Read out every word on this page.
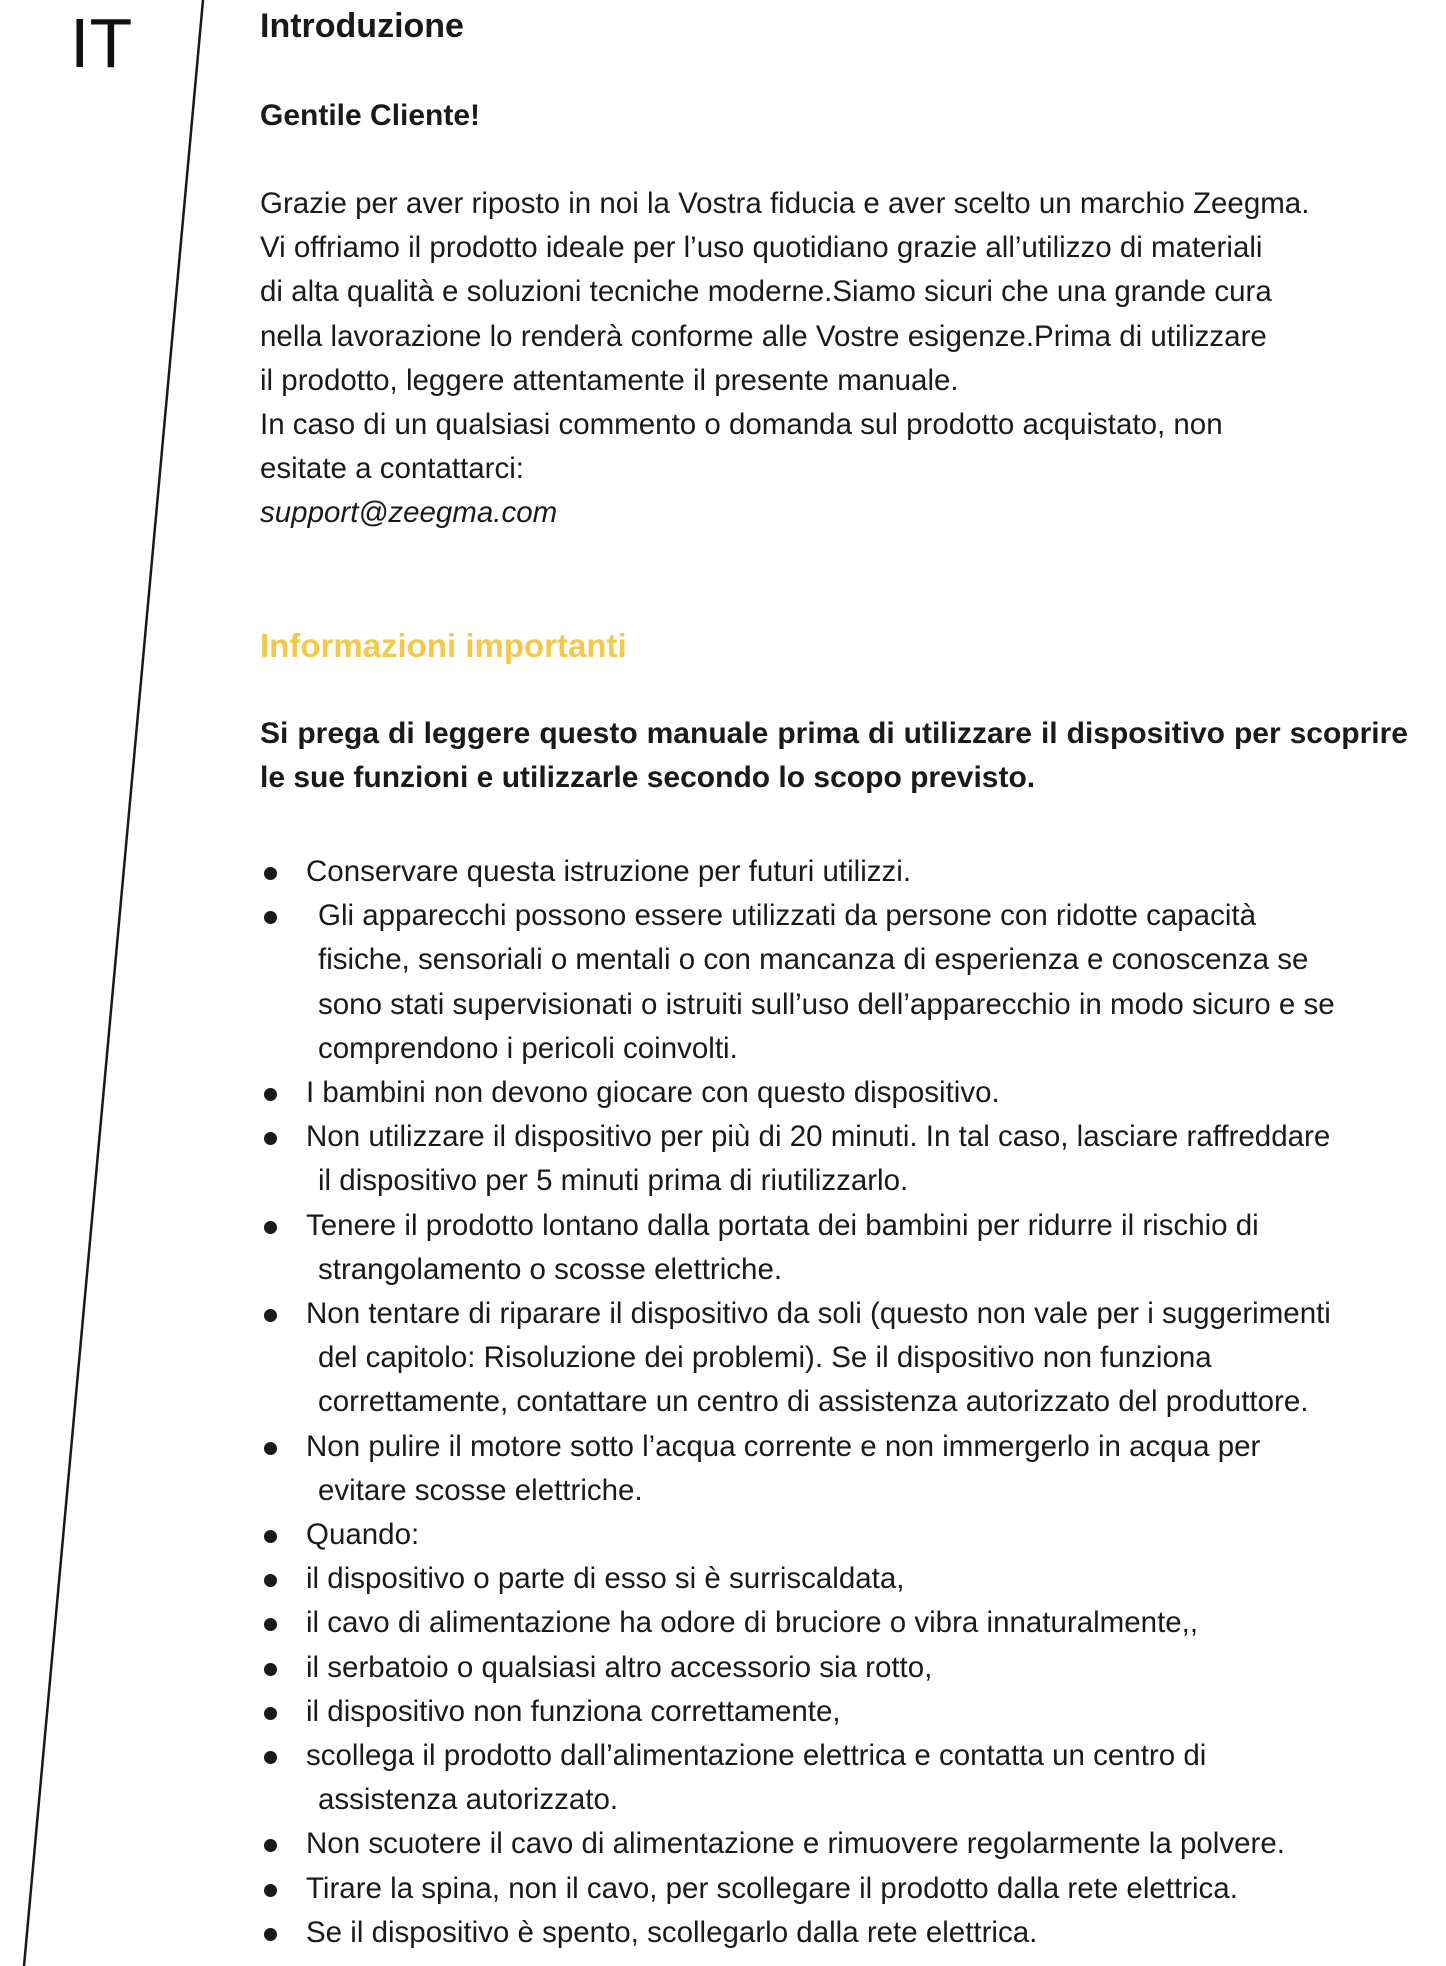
IT	Introduzione
Gentile Cliente!

Grazie per aver riposto in noi la Vostra fiducia e aver scelto un marchio Zeegma.
Vi offriamo il prodotto ideale per l’uso quotidiano grazie all’utilizzo di materiali
di alta qualità e soluzioni tecniche moderne.Siamo sicuri che una grande cura
nella lavorazione lo renderà conforme alle Vostre esigenze.Prima di utilizzare
il prodotto, leggere attentamente il presente manuale.
In caso di un qualsiasi commento o domanda sul prodotto acquistato, non
esitate a contattarci:
support@zeegma.com

Informazioni importanti

Si prega di leggere questo manuale prima di utilizzare il dispositivo per scoprire le sue funzioni e utilizzarle secondo lo scopo previsto.

Conservare questa istruzione per futuri utilizzi.
Gli apparecchi possono essere utilizzati da persone con ridotte capacità
fisiche, sensoriali o mentali o con mancanza di esperienza e conoscenza se
sono stati supervisionati o istruiti sull’uso dell’apparecchio in modo sicuro e se
comprendono i pericoli coinvolti.
I bambini non devono giocare con questo dispositivo.
Non utilizzare il dispositivo per più di 20 minuti. In tal caso, lasciare raffreddare
il dispositivo per 5 minuti prima di riutilizzarlo.
Tenere il prodotto lontano dalla portata dei bambini per ridurre il rischio di
strangolamento o scosse elettriche.
Non tentare di riparare il dispositivo da soli (questo non vale per i suggerimenti
del capitolo: Risoluzione dei problemi). Se il dispositivo non funziona
correttamente, contattare un centro di assistenza autorizzato del produttore.
Non pulire il motore sotto l’acqua corrente e non immergerlo in acqua per
evitare scosse elettriche.
Quando:
il dispositivo o parte di esso si è surriscaldata,
il cavo di alimentazione ha odore di bruciore o vibra innaturalmente,,
il serbatoio o qualsiasi altro accessorio sia rotto,
il dispositivo non funziona correttamente,
scollega il prodotto dall’alimentazione elettrica e contatta un centro di
assistenza autorizzato.
Non scuotere il cavo di alimentazione e rimuovere regolarmente la polvere.
Tirare la spina, non il cavo, per scollegare il prodotto dalla rete elettrica.
Se il dispositivo è spento, scollegarlo dalla rete elettrica.
